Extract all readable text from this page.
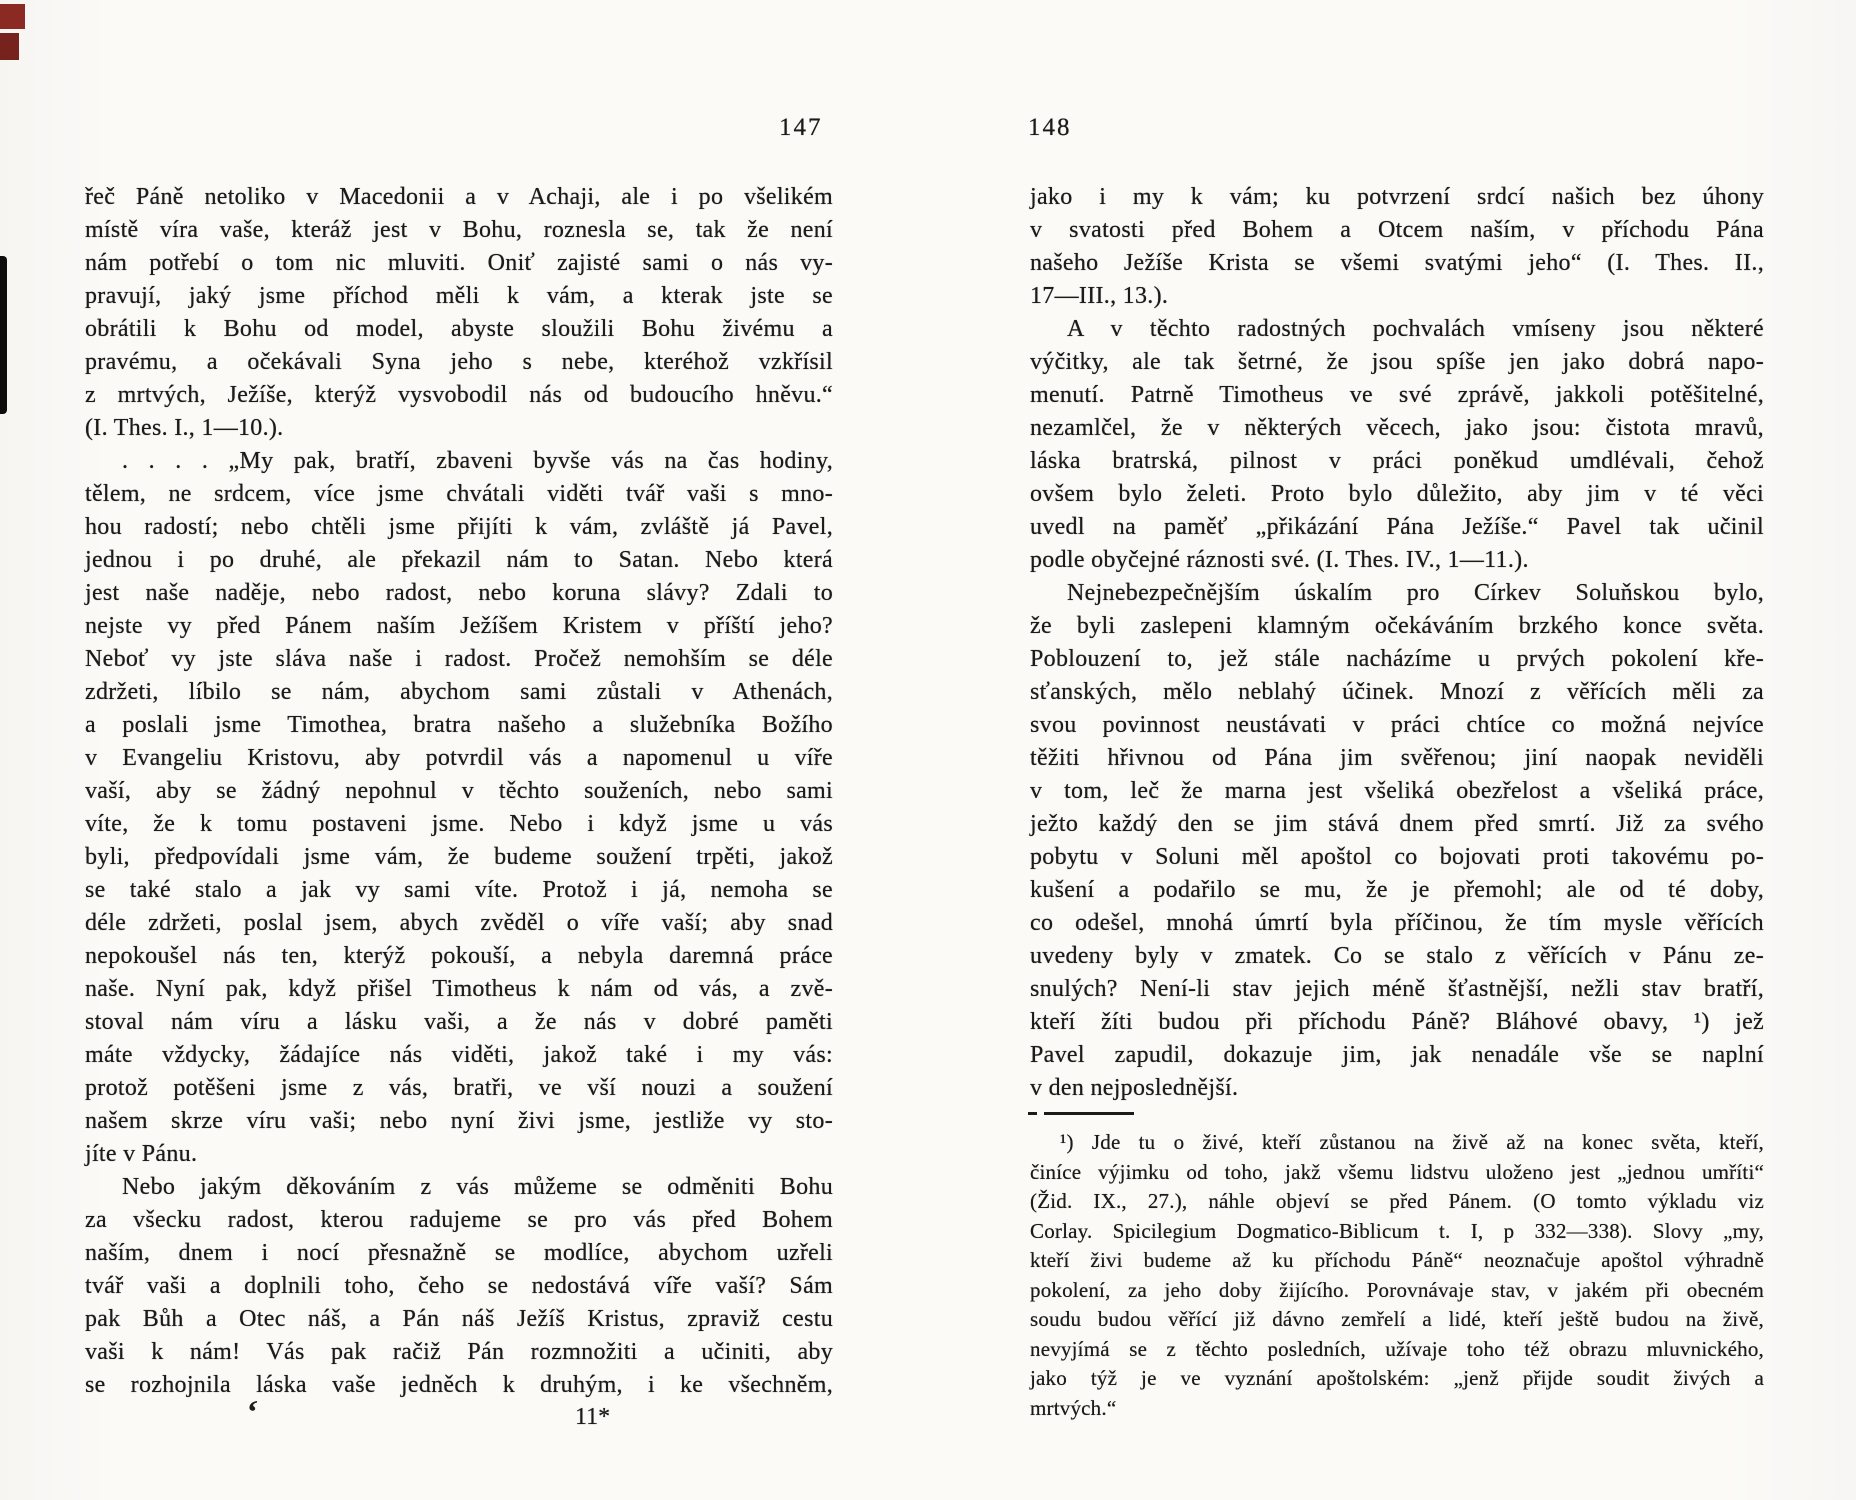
147	148
řeč Páně netoliko v Macedonii a v Achaji, ale i po všelikém
místě víra vaše, kteráž jest v Bohu, roznesla se, tak že není
nám potřebí o tom nic mluviti. Oniť zajisté sami o nás vy-
pravují, jaký jsme příchod měli k vám, a kterak jste se
obrátili k Bohu od model, abyste sloužili Bohu živému a
pravému, a očekávali Syna jeho s nebe, kteréhož vzkřísil
z mrtvých, Ježíše, kterýž vysvobodil nás od budoucího hněvu.“
(I. Thes. I., 1—10.).
. . . . „My pak, bratří, zbaveni byvše vás na čas hodiny,
tělem, ne srdcem, více jsme chvátali viděti tvář vaši s mno-
hou radostí; nebo chtěli jsme přijíti k vám, zvláště já Pavel,
jednou i po druhé, ale překazil nám to Satan. Nebo která
jest naše naděje, nebo radost, nebo koruna slávy? Zdali to
nejste vy před Pánem naším Ježíšem Kristem v příští jeho?
Neboť vy jste sláva naše i radost. Pročež nemohším se déle
zdržeti, líbilo se nám, abychom sami zůstali v Athenách,
a poslali jsme Timothea, bratra našeho a služebníka Božího
v Evangeliu Kristovu, aby potvrdil vás a napomenul u víře
vaší, aby se žádný nepohnul v těchto souženích, nebo sami
víte, že k tomu postaveni jsme. Nebo i když jsme u vás
byli, předpovídali jsme vám, že budeme soužení trpěti, jakož
se také stalo a jak vy sami víte. Protož i já, nemoha se
déle zdržeti, poslal jsem, abych zvěděl o víře vaší; aby snad
nepokoušel nás ten, kterýž pokouší, a nebyla daremná práce
naše. Nyní pak, když přišel Timotheus k nám od vás, a zvě-
stoval nám víru a lásku vaši, a že nás v dobré paměti
máte vždycky, žádajíce nás viděti, jakož také i my vás:
protož potěšeni jsme z vás, bratři, ve vší nouzi a soužení
našem skrze víru vaši; nebo nyní živi jsme, jestliže vy sto-
jíte v Pánu.
Nebo jakým děkováním z vás můžeme se odměniti Bohu
za všecku radost, kterou radujeme se pro vás před Bohem
naším, dnem i nocí přesnažně se modlíce, abychom uzřeli
tvář vaši a doplnili toho, čeho se nedostává víře vaší? Sám
pak Bůh a Otec náš, a Pán náš Ježíš Kristus, zpraviž cestu
vaši k nám! Vás pak račiž Pán rozmnožiti a učiniti, aby
se rozhojnila láska vaše jedněch k druhým, i ke všechněm,
jako i my k vám; ku potvrzení srdcí našich bez úhony
v svatosti před Bohem a Otcem naším, v příchodu Pána
našeho Ježíše Krista se všemi svatými jeho“ (I. Thes. II.,
17—III., 13.).
A v těchto radostných pochvalách vmíseny jsou některé
výčitky, ale tak šetrné, že jsou spíše jen jako dobrá napo-
menutí. Patrně Timotheus ve své zprávě, jakkoli potěšitelné,
nezamlčel, že v některých věcech, jako jsou: čistota mravů,
láska bratrská, pilnost v práci poněkud umdlévali, čehož
ovšem bylo želeti. Proto bylo důležito, aby jim v té věci
uvedl na paměť „přikázání Pána Ježíše.“ Pavel tak učinil
podle obyčejné ráznosti své. (I. Thes. IV., 1—11.).
Nejnebezpečnějším úskalím pro Církev Soluňskou bylo,
že byli zaslepeni klamným očekáváním brzkého konce světa.
Poblouzení to, jež stále nacházíme u prvých pokolení kře-
sťanských, mělo neblahý účinek. Mnozí z věřících měli za
svou povinnost neustávati v práci chtíce co možná nejvíce
těžiti hřivnou od Pána jim svěřenou; jiní naopak neviděli
v tom, leč že marna jest všeliká obezřelost a všeliká práce,
ježto každý den se jim stává dnem před smrtí. Již za svého
pobytu v Soluni měl apoštol co bojovati proti takovému po-
kušení a podařilo se mu, že je přemohl; ale od té doby,
co odešel, mnohá úmrtí byla příčinou, že tím mysle věřících
uvedeny byly v zmatek. Co se stalo z věřících v Pánu ze-
snulých? Není-li stav jejich méně šťastnější, nežli stav bratří,
kteří žíti budou při příchodu Páně? Bláhové obavy, ¹) jež
Pavel zapudil, dokazuje jim, jak nenadále vše se naplní
v den nejposlednější.
¹) Jde tu o živé, kteří zůstanou na živě až na konec světa, kteří,
činíce výjimku od toho, jakž všemu lidstvu uloženo jest „jednou umříti“
(Žid. IX., 27.), náhle objeví se před Pánem. (O tomto výkladu viz
Corlay. Spicilegium Dogmatico-Biblicum t. I, p 332—338). Slovy „my,
kteří živi budeme až ku příchodu Páně“ neoznačuje apoštol výhradně
pokolení, za jeho doby žijícího. Porovnávaje stav, v jakém při obecném
soudu budou věřící již dávno zemřelí a lidé, kteří ještě budou na živě,
nevyjímá se z těchto posledních, užívaje toho též obrazu mluvnického,
jako týž je ve vyznání apoštolském: „jenž přijde soudit živých a
mrtvých.“
11*
‘
